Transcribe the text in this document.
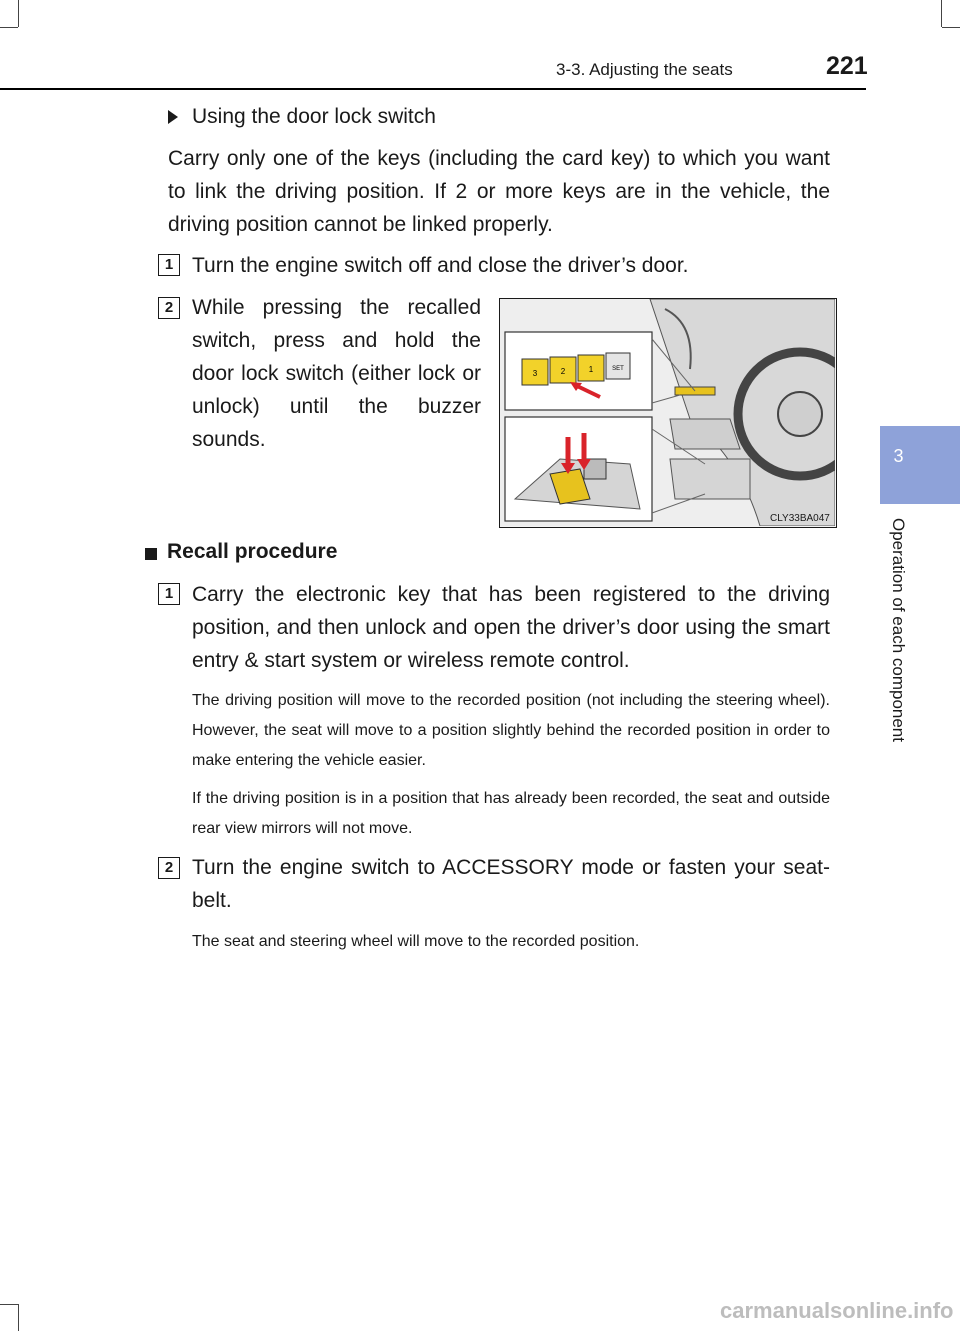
3-3. Adjusting the seats	221
3
Operation of each component
Using the door lock switch
Carry only one of the keys (including the card key) to which you want to link the driving position. If 2 or more keys are in the vehicle, the driving position cannot be linked properly.
1 Turn the engine switch off and close the driver’s door.
2 While pressing the recalled switch, press and hold the door lock switch (either lock or unlock) until the buzzer sounds.
3	2	1	SET
CLY33BA047
Recall procedure
1 Carry the electronic key that has been registered to the driving position, and then unlock and open the driver’s door using the smart entry & start system or wireless remote control.
The driving position will move to the recorded position (not including the steering wheel). However, the seat will move to a position slightly behind the recorded position in order to make entering the vehicle easier.
If the driving position is in a position that has already been recorded, the seat and outside rear view mirrors will not move.
2 Turn the engine switch to ACCESSORY mode or fasten your seat-belt.
The seat and steering wheel will move to the recorded position.
carmanualsonline.info
